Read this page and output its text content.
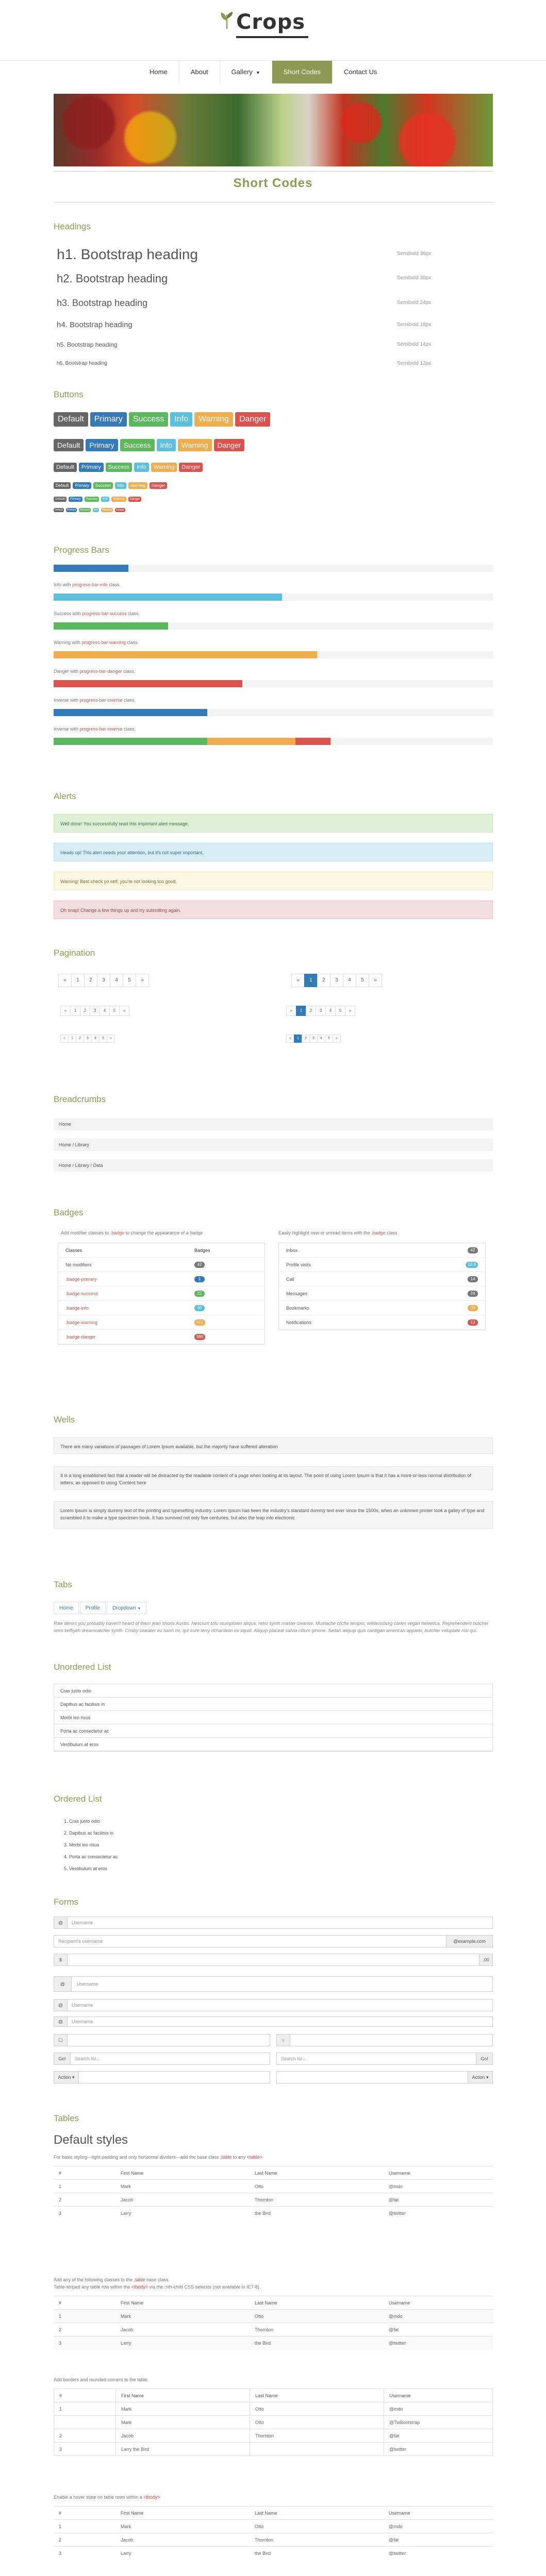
Crops
Home	About	Gallery ▼	Short Codes	Contact Us
Short Codes
Headings
h1. Bootstrap heading	Semibold 36px
h2. Bootstrap heading	Semibold 30px
h3. Bootstrap heading	Semibold 24px
h4. Bootstrap heading	Semibold 18px
h5. Bootstrap heading	Semibold 14px
h6. Bootstrap heading	Semibold 12px
Buttons
Default	Primary	Success	Info	Warning	Danger
Default	Primary	Success	Info	Warning	Danger
Default	Primary	Success	Info	Warning	Danger
Default	Primary	Success	Info	Warning	Danger
Default	Primary	Success	Info	Warning	Danger
Default	Primary	Success	Info	Warning	Danger
Progress Bars
Info with progress-bar-info class.
Success with progress-bar-success class.
Warning with progress-bar-warning class.
Danger with progress-bar-danger class.
Inverse with progress-bar-inverse class.
Inverse with progress-bar-inverse class.
Alerts
Well done! You successfully read this important alert message.
Heads up! This alert needs your attention, but it's not super important.
Warning! Best check yo self, you're not looking too good.
Oh snap! Change a few things up and try submitting again.
Pagination
«	1	2	3	4	5	»	«	1	2	3	4	5	»
«	1	2	3	4	5	»	«	1	2	3	4	5	»
«	1	2	3	4	5	»	«	1	2	3	4	5	»
Breadcrumbs
Home
Home / Library
Home / Library / Data
Badges
Add modifier classes to .badge to change the appearance of a badge	Easily highlight new or unread items with the .badge class
Classes	Badges
No modifiers	42
.badge-primary	1
.badge-success	22
.badge-info	30
.badge-warning	412
.badge-danger	999
Inbox	42
Profile visits	16.9
Call	14
Messages	24
Bookmarks	30
Notifications	13
Wells
There are many variations of passages of Lorem Ipsum available, but the majority have suffered alteration
It is a long established fact that a reader will be distracted by the readable content of a page when looking at its layout. The point of using Lorem Ipsum is that it has a more-or-less normal distribution of letters, as opposed to using 'Content here
Lorem Ipsum is simply dummy text of the printing and typesetting industry. Lorem Ipsum has been the industry's standard dummy text ever since the 1500s, when an unknown printer took a galley of type and scrambled it to make a type specimen book. It has survived not only five centuries, but also the leap into electronic
Tabs
Home	Profile	Dropdown ▼
Raw denim you probably haven't heard of them jean shorts Austin. Nesciunt tofu stumptown aliqua, retro synth master cleanse. Mustache cliche tempor, williamsburg carles vegan helvetica. Reprehenderit butcher retro keffiyeh dreamcatcher synth. Cosby sweater eu banh mi, qui irure terry richardson ex squid. Aliquip placeat salvia cillum iphone. Seitan aliquip quis cardigan american apparel, butcher voluptate nisi qui.
Unordered List
Cras justo odio
Dapibus ac facilisis in
Morbi leo risus
Porta ac consectetur ac
Vestibulum at eros
Ordered List
1. Cras justo odio
2. Dapibus ac facilisis in
3. Morbi leo risus
4. Porta ac consectetur ac
5. Vestibulum at eros
Forms
@	Username
Recipient's username	@example.com
$	.00
@	Username
@	Username
@	Username
☐	○
Go!	Search for...	Search for...	Go!
Action ▾	Action ▾
Tables
Default styles
For basic styling—light padding and only horizontal dividers—add the base class .table to any <table>
#	First Name	Last Name	Username
1	Mark	Otto	@mdo
2	Jacob	Thornton	@fat
3	Larry	the Bird	@twitter
Add any of the following classes to the .table base class.
Table-striped any table row within the <tbody> via the :nth-child CSS selector (not available in IE7-8).
#	First Name	Last Name	Username
1	Mark	Otto	@mdo
2	Jacob	Thornton	@fat
3	Larry	the Bird	@twitter
Add borders and rounded corners to the table.
#	First Name	Last Name	Username
1	Mark	Otto	@mdo
	Mark	Otto	@TwBootstrap
2	Jacob	Thornton	@fat
3	Larry the Bird		@twitter
Enable a hover state on table rows within a <tbody>
#	First Name	Last Name	Username
1	Mark	Otto	@mdo
2	Jacob	Thornton	@fat
3	Larry	the Bird	@twitter
